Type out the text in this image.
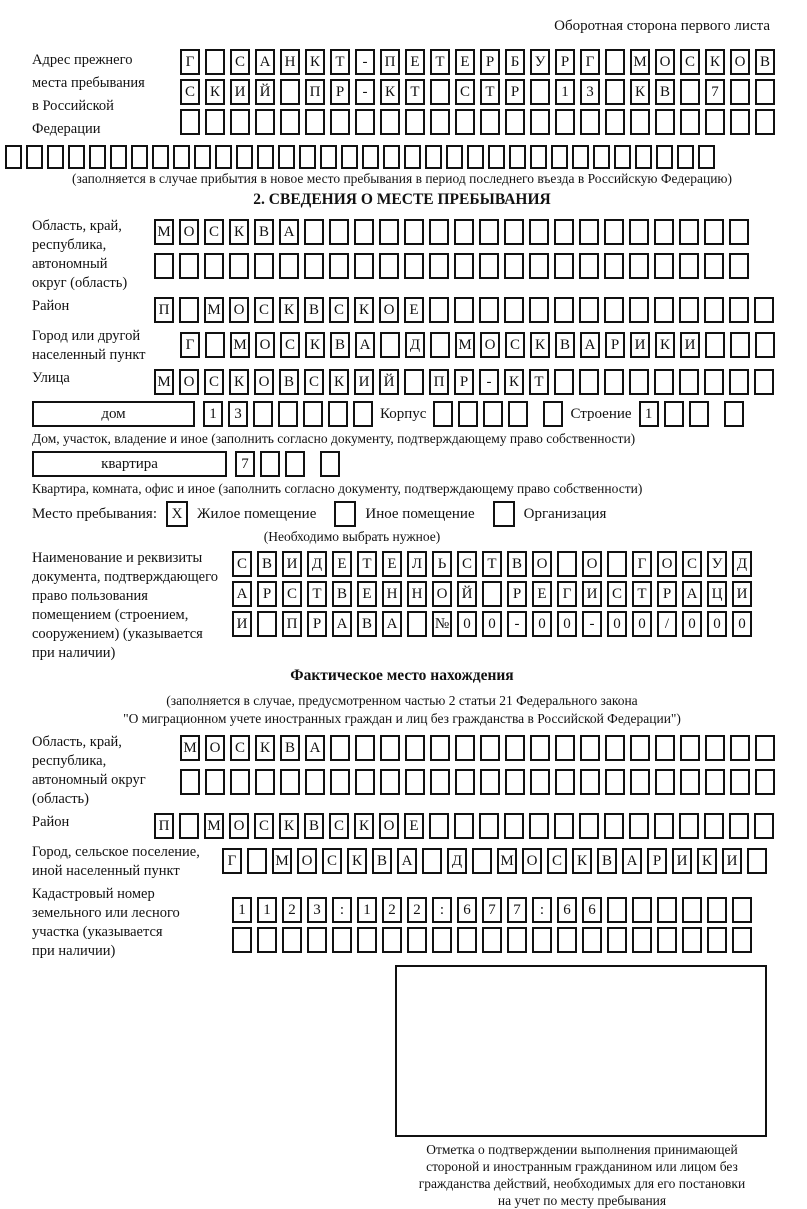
Оборотная сторона первого листа
Адрес прежнего
места пребывания
в Российской
Федерации
Г	С А Н К	Т	-	П Е	Т	Е	Р	Б	У	Р	Г	М О С К О В
С К И Й	П	Р	-	К	Т	С	Т	Р	1	3	К В	7
(заполняется в случае прибытия в новое место пребывания в период последнего въезда в Российскую Федерацию)
2. СВЕДЕНИЯ О МЕСТЕ ПРЕБЫВАНИЯ
Область, край,
республика,
автономный
округ (область)
М О С К В А
Район	П	М О С К В С К О Е
Город или другой
населенный пункт
Г	М О С К В А	Д	М О С К В А	Р	И К И
Улица	М О С К О В С К И Й	П	Р	-	К	Т
дом	1	3	Корпус	Строение 1
Дом, участок, владение и иное (заполнить согласно документу, подтверждающему право собственности)
квартира	7
Квартира, комната, офис и иное (заполнить согласно документу, подтверждающему право собственности)
Место пребывания: X Жилое помещение	Иное помещение	Организация
(Необходимо выбрать нужное)
Наименование и реквизиты
документа, подтверждающего
право пользования
помещением (строением,
сооружением) (указывается
при наличии)
С В И Д	Е	Т	Е	Л	Ь	С	Т	В О	О	Г	О С У Д
А	Р	С	Т	В	Е	Н Н О Й	Р	Е	Г	И С	Т	Р	А Ц И
И	П	Р	А В А	№ 0	0	-	0	0	-	0	0	/	0	0	0
Фактическое место нахождения
(заполняется в случае, предусмотренном частью 2 статьи 21 Федерального закона
"О миграционном учете иностранных граждан и лиц без гражданства в Российской Федерации")
Область, край,
республика,
автономный округ
(область)
М О С К В А
Район	П	М О С К В С К О Е
Город, сельское поселение,
иной населенный пункт
Г	М О С К В А	Д	М О С К В А	Р	И К И
Кадастровый номер
земельного или лесного
участка (указывается
при наличии)
1	1	2	3	:	1	2	2	:	6	7	7	:	6	6
Отметка о подтверждении выполнения принимающей
стороной и иностранным гражданином или лицом без
гражданства действий, необходимых для его постановки
на учет по месту пребывания
